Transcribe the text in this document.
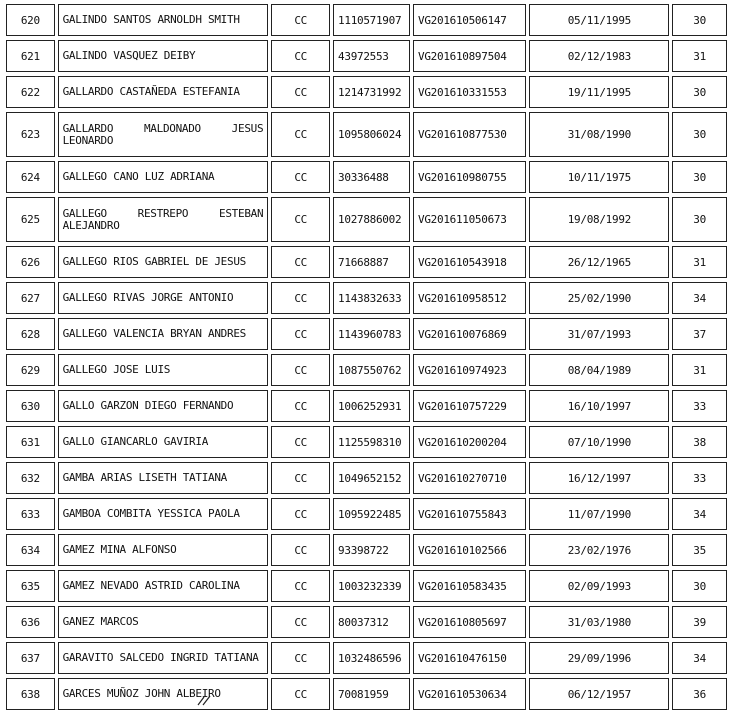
620	GALINDO SANTOS ARNOLDH SMITH	CC	1110571907	VG201610506147	05/11/1995	30
621	GALINDO VASQUEZ DEIBY	CC	43972553	VG201610897504	02/12/1983	31
622	GALLARDO CASTAÑEDA ESTEFANIA	CC	1214731992	VG201610331553	19/11/1995	30
623	GALLARDO MALDONADO JESUS LEONARDO	CC	1095806024	VG201610877530	31/08/1990	30
624	GALLEGO CANO LUZ ADRIANA	CC	30336488	VG201610980755	10/11/1975	30
625	GALLEGO RESTREPO ESTEBAN ALEJANDRO	CC	1027886002	VG201611050673	19/08/1992	30
626	GALLEGO RIOS GABRIEL DE JESUS	CC	71668887	VG201610543918	26/12/1965	31
627	GALLEGO RIVAS JORGE ANTONIO	CC	1143832633	VG201610958512	25/02/1990	34
628	GALLEGO VALENCIA BRYAN ANDRES	CC	1143960783	VG201610076869	31/07/1993	37
629	GALLEGO JOSE LUIS	CC	1087550762	VG201610974923	08/04/1989	31
630	GALLO GARZON DIEGO FERNANDO	CC	1006252931	VG201610757229	16/10/1997	33
631	GALLO GIANCARLO GAVIRIA	CC	1125598310	VG201610200204	07/10/1990	38
632	GAMBA ARIAS LISETH TATIANA	CC	1049652152	VG201610270710	16/12/1997	33
633	GAMBOA COMBITA YESSICA PAOLA	CC	1095922485	VG201610755843	11/07/1990	34
634	GAMEZ MINA ALFONSO	CC	93398722	VG201610102566	23/02/1976	35
635	GAMEZ NEVADO ASTRID CAROLINA	CC	1003232339	VG201610583435	02/09/1993	30
636	GANEZ MARCOS	CC	80037312	VG201610805697	31/03/1980	39
637	GARAVITO SALCEDO INGRID TATIANA	CC	1032486596	VG201610476150	29/09/1996	34
638	GARCES MUÑOZ JOHN ALBEIRO	CC	70081959	VG201610530634	06/12/1957	36
